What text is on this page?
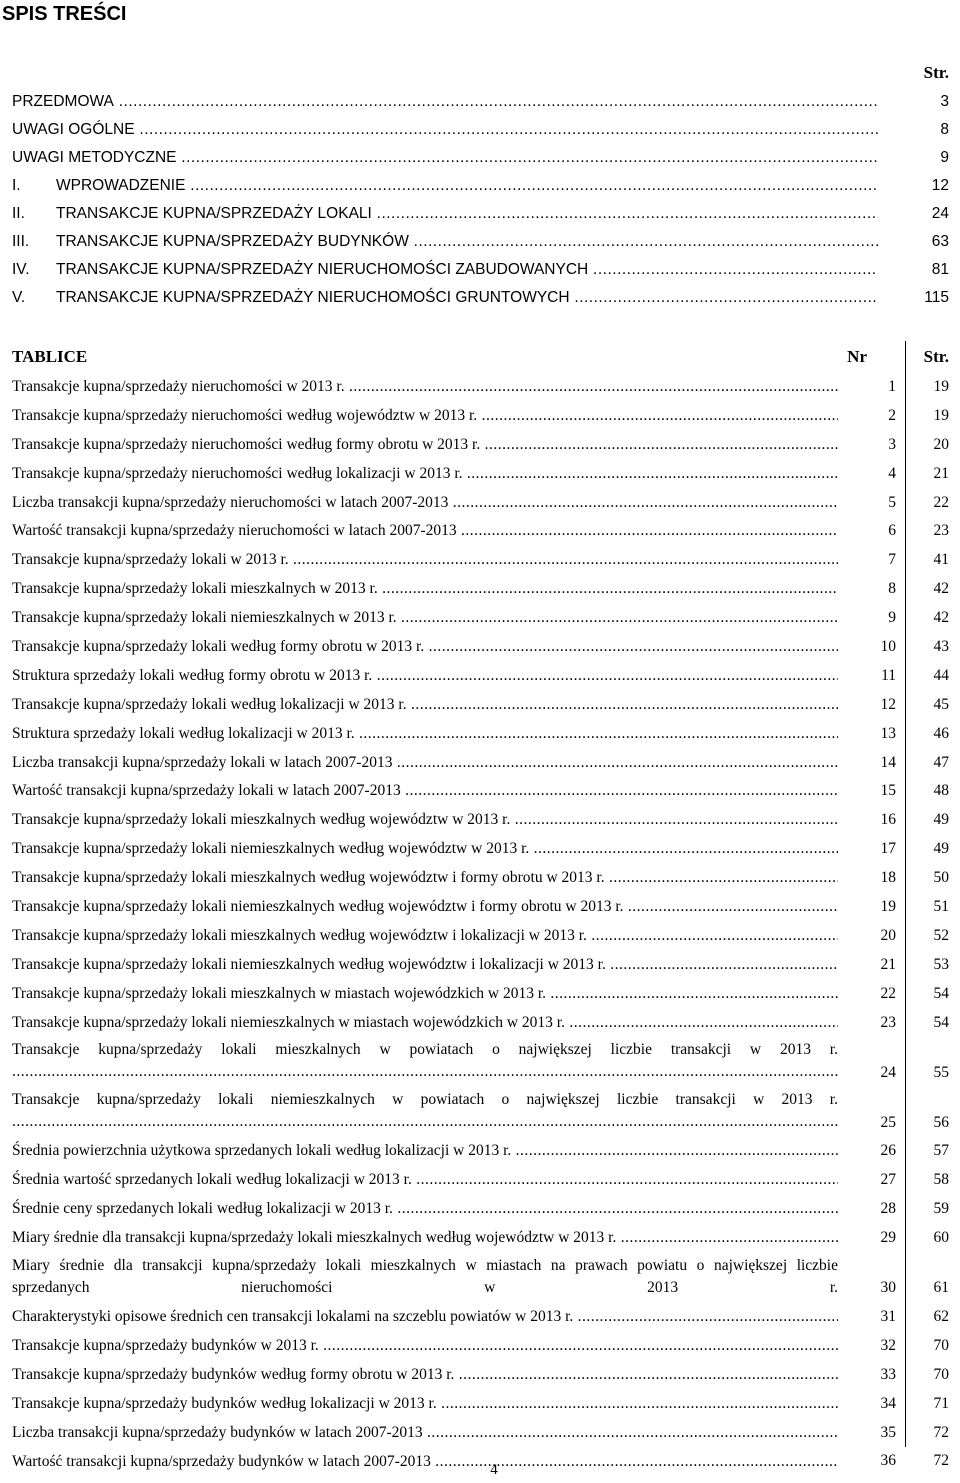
SPIS TREŚCI
Str.
PRZEDMOWA .....	3
UWAGI OGÓLNE .....	8
UWAGI METODYCZNE .....	9
I. WPROWADZENIE .....	12
II. TRANSAKCJE KUPNA/SPRZEDAŻY LOKALI .....	24
III. TRANSAKCJE KUPNA/SPRZEDAŻY BUDYNKÓW .....	63
IV. TRANSAKCJE KUPNA/SPRZEDAŻY NIERUCHOMOŚCI ZABUDOWANYCH .....	81
V. TRANSAKCJE KUPNA/SPRZEDAŻY NIERUCHOMOŚCI GRUNTOWYCH .....	115
TABLICE	Nr	Str.
Transakcje kupna/sprzedaży nieruchomości w 2013 r. .....	1	19
Transakcje kupna/sprzedaży nieruchomości według województw w 2013 r. .....	2	19
Transakcje kupna/sprzedaży nieruchomości według formy obrotu w 2013 r. .....	3	20
Transakcje kupna/sprzedaży nieruchomości według lokalizacji w 2013 r. .....	4	21
Liczba transakcji kupna/sprzedaży nieruchomości w latach 2007-2013 .....	5	22
Wartość transakcji kupna/sprzedaży nieruchomości w latach 2007-2013 .....	6	23
Transakcje kupna/sprzedaży lokali w 2013 r. .....	7	41
Transakcje kupna/sprzedaży lokali mieszkalnych w 2013 r. .....	8	42
Transakcje kupna/sprzedaży lokali niemieszkalnych w 2013 r. .....	9	42
Transakcje kupna/sprzedaży lokali według formy obrotu w 2013 r. .....	10	43
Struktura sprzedaży lokali według formy obrotu w 2013 r. .....	11	44
Transakcje kupna/sprzedaży lokali według lokalizacji w 2013 r. .....	12	45
Struktura sprzedaży lokali według lokalizacji w 2013 r. .....	13	46
Liczba transakcji kupna/sprzedaży lokali w latach 2007-2013 .....	14	47
Wartość transakcji kupna/sprzedaży lokali w latach 2007-2013 .....	15	48
Transakcje kupna/sprzedaży lokali mieszkalnych według województw w 2013 r. .....	16	49
Transakcje kupna/sprzedaży lokali niemieszkalnych według województw w 2013 r. .....	17	49
Transakcje kupna/sprzedaży lokali mieszkalnych według województw i formy obrotu w 2013 r. .....	18	50
Transakcje kupna/sprzedaży lokali niemieszkalnych według województw i formy obrotu w 2013 r. .....	19	51
Transakcje kupna/sprzedaży lokali mieszkalnych według województw i lokalizacji w 2013 r. .....	20	52
Transakcje kupna/sprzedaży lokali niemieszkalnych według województw i lokalizacji w 2013 r. .....	21	53
Transakcje kupna/sprzedaży lokali mieszkalnych w miastach wojewódzkich w 2013 r. .....	22	54
Transakcje kupna/sprzedaży lokali niemieszkalnych w miastach wojewódzkich w 2013 r. .....	23	54
Transakcje kupna/sprzedaży lokali mieszkalnych w powiatach o największej liczbie transakcji w 2013 r. .....
24	55
Transakcje kupna/sprzedaży lokali niemieszkalnych w powiatach o największej liczbie transakcji w 2013 r. .....
25	56
Średnia powierzchnia użytkowa sprzedanych lokali według lokalizacji w 2013 r. .....	26	57
Średnia wartość sprzedanych lokali według lokalizacji w 2013 r. .....	27	58
Średnie ceny sprzedanych lokali według lokalizacji w 2013 r. .....	28	59
Miary średnie dla transakcji kupna/sprzedaży lokali mieszkalnych według województw w 2013 r. .....	29	60
Miary średnie dla transakcji kupna/sprzedaży lokali mieszkalnych w miastach na prawach powiatu o największej liczbie sprzedanych nieruchomości w 2013 r. .....	30	61
Charakterystyki opisowe średnich cen transakcji lokalami na szczeblu powiatów w 2013 r. .....	31	62
Transakcje kupna/sprzedaży budynków w 2013 r. .....	32	70
Transakcje kupna/sprzedaży budynków według formy obrotu w 2013 r. .....	33	70
Transakcje kupna/sprzedaży budynków według lokalizacji w 2013 r. .....	34	71
Liczba transakcji kupna/sprzedaży budynków w latach 2007-2013 .....	35	72
Wartość transakcji kupna/sprzedaży budynków w latach 2007-2013 .....	36	72
4
